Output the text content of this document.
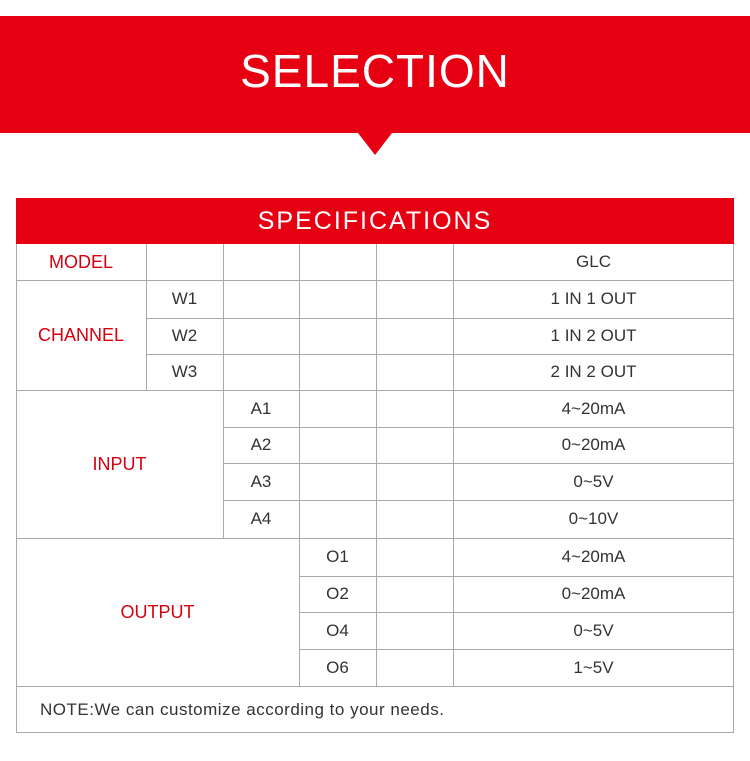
SELECTION
SPECIFICATIONS
MODEL	GLC
CHANNEL
W1	1 IN 1 OUT
W2	1 IN 2 OUT
W3	2 IN 2 OUT
INPUT
A1	4~20mA
A2	0~20mA
A3	0~5V
A4	0~10V
OUTPUT
O1	4~20mA
O2	0~20mA
O4	0~5V
O6	1~5V
NOTE:We can customize according to your needs.
